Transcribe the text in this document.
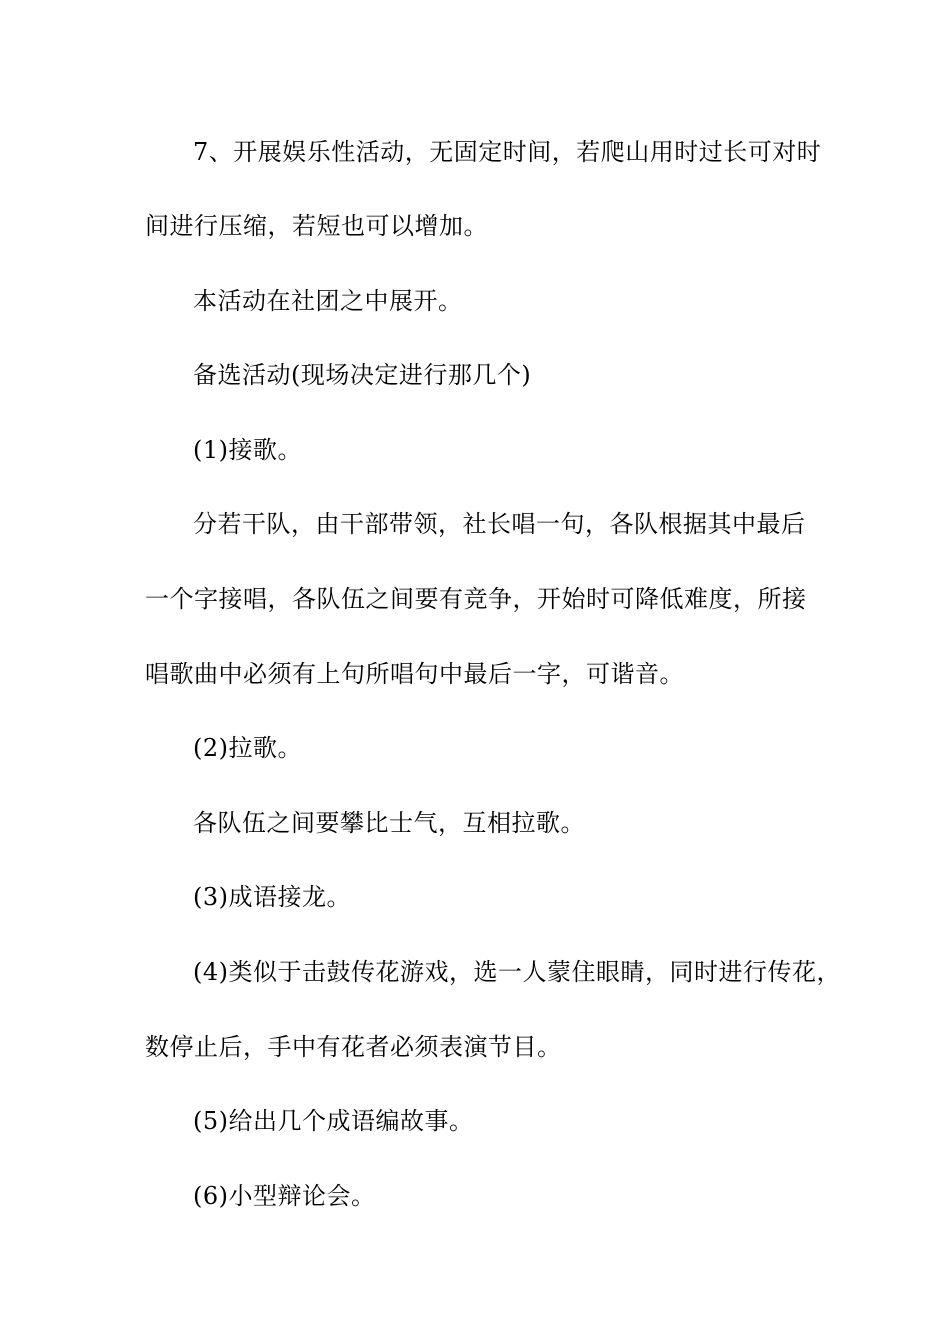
7、开展娱乐性活动，无固定时间，若爬山用时过长可对时
间进行压缩，若短也可以增加。
本活动在社团之中展开。
备选活动(现场决定进行那几个)
(1)接歌。
分若干队，由干部带领，社长唱一句，各队根据其中最后
一个字接唱，各队伍之间要有竞争，开始时可降低难度，所接
唱歌曲中必须有上句所唱句中最后一字，可谐音。
(2)拉歌。
各队伍之间要攀比士气，互相拉歌。
(3)成语接龙。
(4)类似于击鼓传花游戏，选一人蒙住眼睛，同时进行传花，
数停止后，手中有花者必须表演节目。
(5)给出几个成语编故事。
(6)小型辩论会。
